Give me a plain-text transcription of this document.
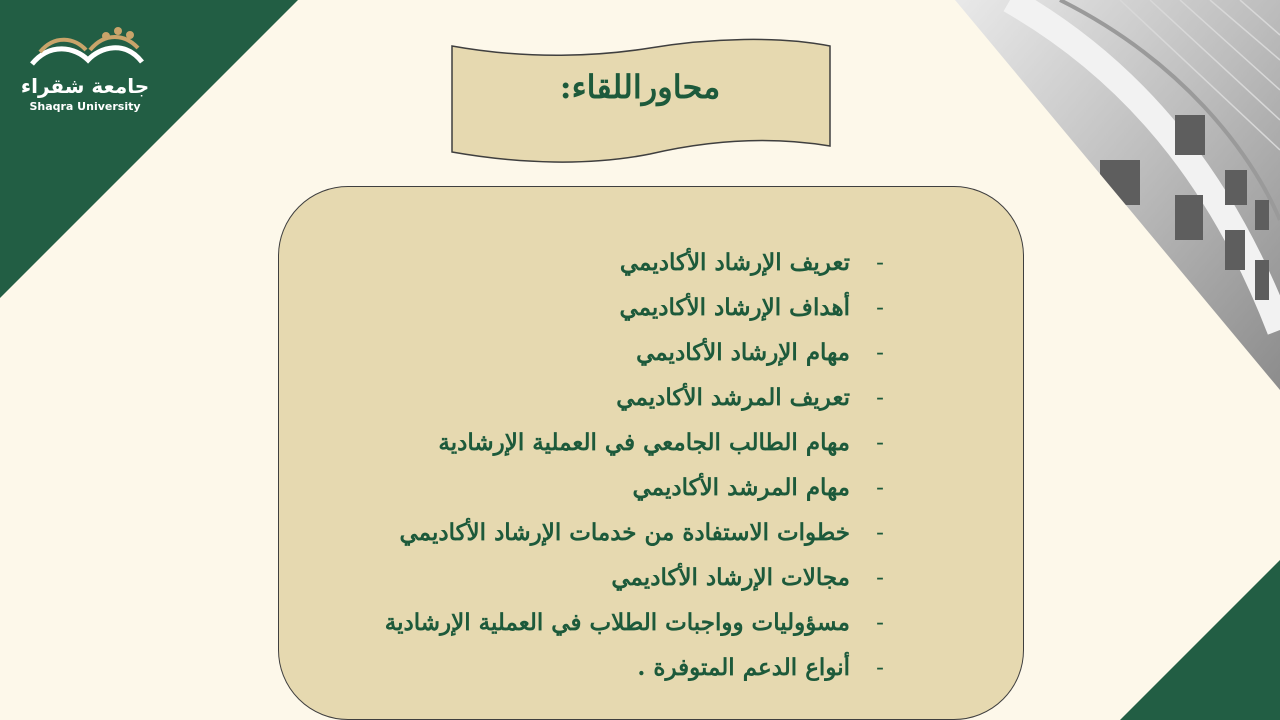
جامعة شقراء
Shaqra University
محاوراللقاء:
-
تعريف الإرشاد الأكاديمي
-
أهداف الإرشاد الأكاديمي
-
مهام الإرشاد الأكاديمي
-
تعريف المرشد الأكاديمي
-
مهام الطالب الجامعي في العملية الإرشادية
-
مهام المرشد الأكاديمي
-
خطوات الاستفادة من خدمات الإرشاد الأكاديمي
-
مجالات الإرشاد الأكاديمي
-
مسؤوليات وواجبات الطلاب في العملية الإرشادية
-
أنواع الدعم المتوفرة .
